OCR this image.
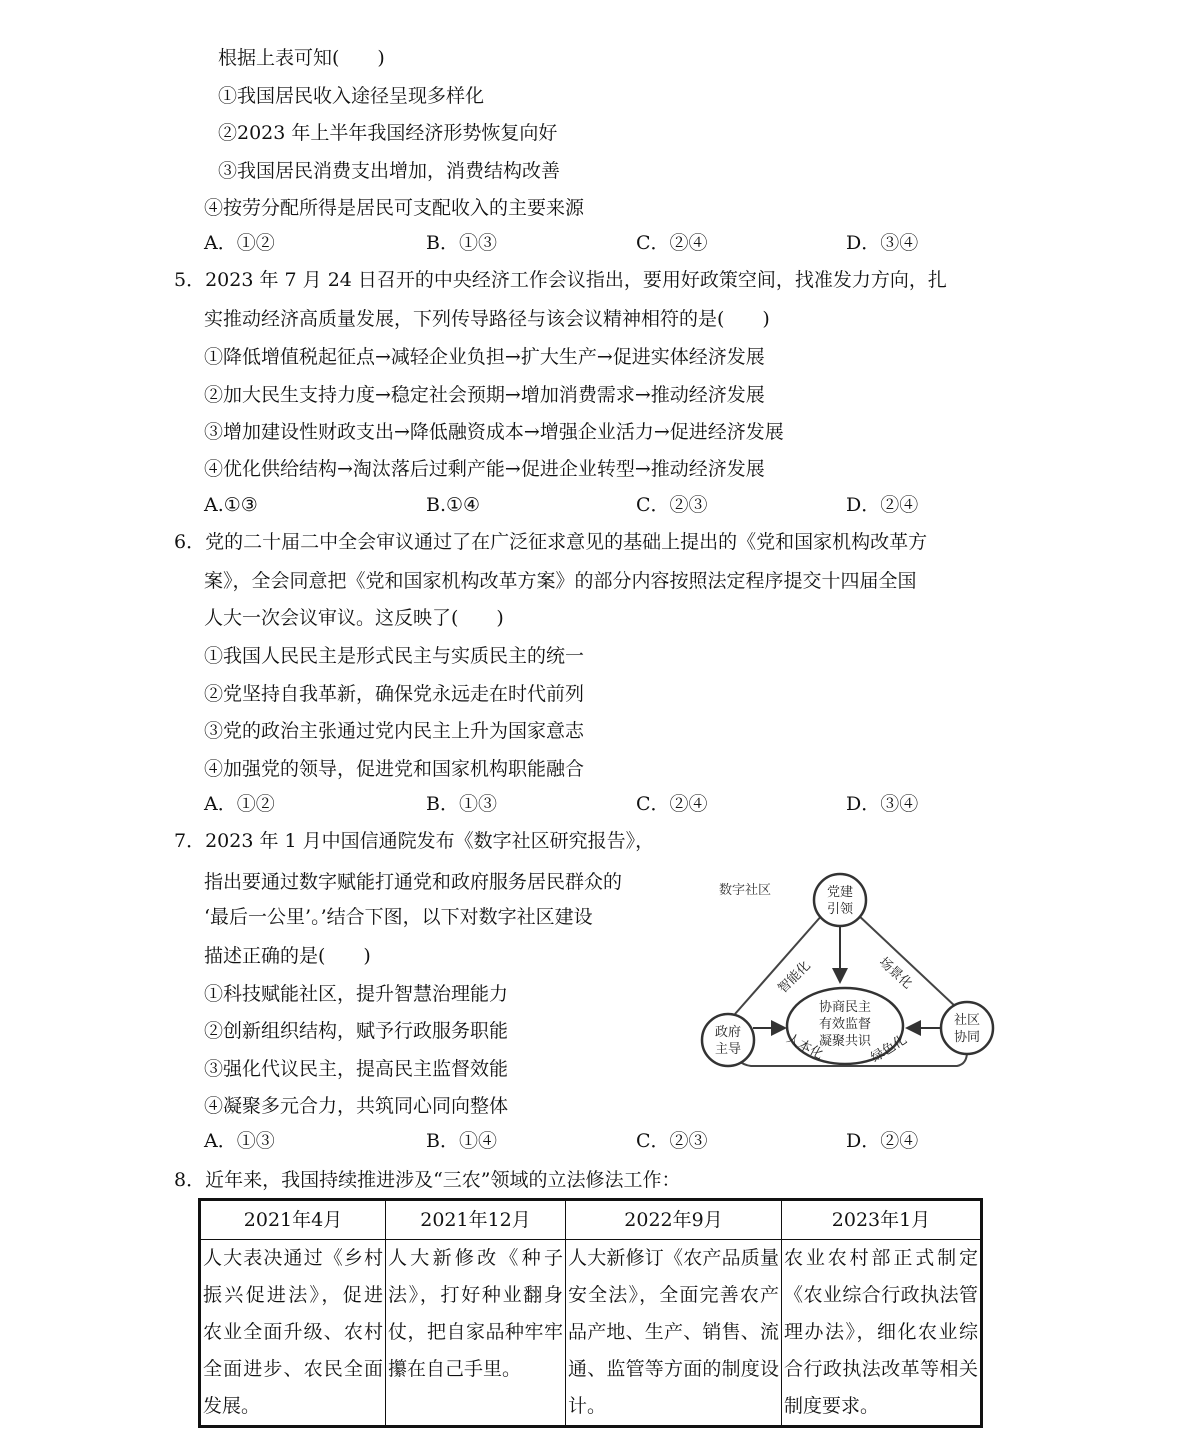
根据上表可知(　　)
①我国居民收入途径呈现多样化
②2023 年上半年我国经济形势恢复向好
③我国居民消费支出增加，消费结构改善
④按劳分配所得是居民可支配收入的主要来源
A．①②	B．①③	C．②④	D．③④
5．2023 年 7 月 24 日召开的中央经济工作会议指出，要用好政策空间，找准发力方向，扎
实推动经济高质量发展，下列传导路径与该会议精神相符的是(　　)
①降低增值税起征点→减轻企业负担→扩大生产→促进实体经济发展
②加大民生支持力度→稳定社会预期→增加消费需求→推动经济发展
③增加建设性财政支出→降低融资成本→增强企业活力→促进经济发展
④优化供给结构→淘汰落后过剩产能→促进企业转型→推动经济发展
A.①③	B.①④	C．②③	D．②④
6．党的二十届二中全会审议通过了在广泛征求意见的基础上提出的《党和国家机构改革方
案》，全会同意把《党和国家机构改革方案》的部分内容按照法定程序提交十四届全国
人大一次会议审议。这反映了(　　)
①我国人民民主是形式民主与实质民主的统一
②党坚持自我革新，确保党永远走在时代前列
③党的政治主张通过党内民主上升为国家意志
④加强党的领导，促进党和国家机构职能融合
A．①②	B．①③	C．②④	D．③④
7．2023 年 1 月中国信通院发布《数字社区研究报告》，
指出要通过数字赋能打通党和政府服务居民群众的
‘最后一公里’。’结合下图，以下对数字社区建设
描述正确的是(　　)
①科技赋能社区，提升智慧治理能力
②创新组织结构，赋予行政服务职能
③强化代议民主，提高民主监督效能
④凝聚多元合力，共筑同心同向整体
A．①③	B．①④	C．②③	D．②④
数字社区	党建
引领
政府
主导
社区
协同
协商民主
有效监督
凝聚共识
智能化	场景化
人本化	绿色化
8．近年来，我国持续推进涉及“三农”领域的立法修法工作：
2021年4月	2021年12月	2022年9月	2023年1月

人大表决通过《乡村振兴促进法》，促进农业全面升级、农村全面进步、农民全面发展。	人大新修改《种子法》，打好种业翻身仗，把自家品种牢牢攥在自己手里。	人大新修订《农产品质量安全法》，全面完善农产品产地、生产、销售、流通、监管等方面的制度设计。	农业农村部正式制定《农业综合行政执法管理办法》，细化农业综合行政执法改革等相关制度要求。
